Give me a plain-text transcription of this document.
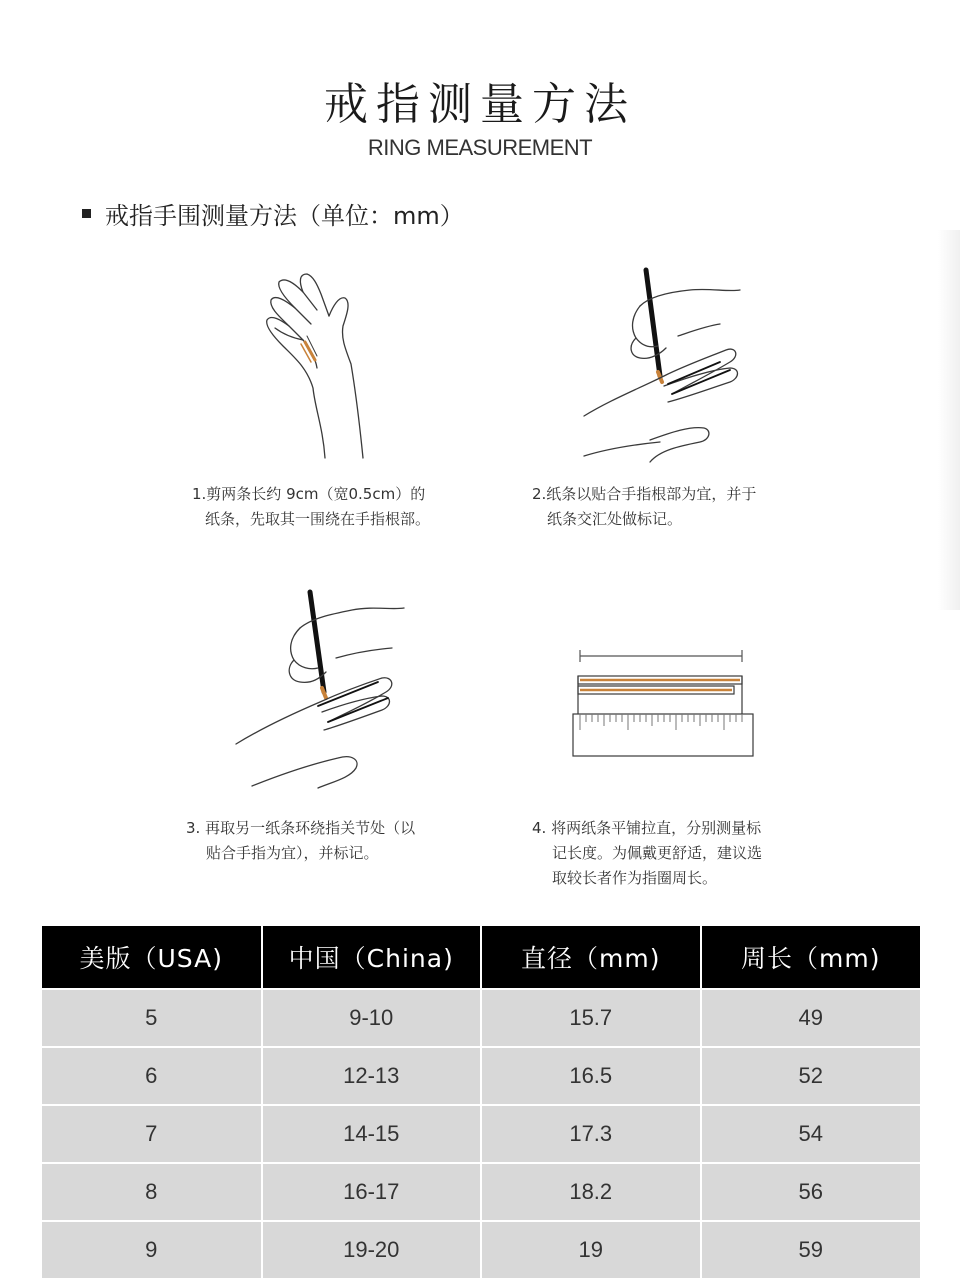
戒指测量方法
RING MEASUREMENT
戒指手围测量方法（单位：mm）
1.剪两条长约 9cm（宽0.5cm）的
纸条，先取其一围绕在手指根部。
2.纸条以贴合手指根部为宜，并于
纸条交汇处做标记。
3. 再取另一纸条环绕指关节处（以
贴合手指为宜），并标记。
4. 将两纸条平铺拉直，分别测量标
记长度。为佩戴更舒适，建议选
取较长者作为指圈周长。
美版（USA)	中国（China)	直径（mm)	周长（mm)
5	9-10	15.7	49
6	12-13	16.5	52
7	14-15	17.3	54
8	16-17	18.2	56
9	19-20	19	59
